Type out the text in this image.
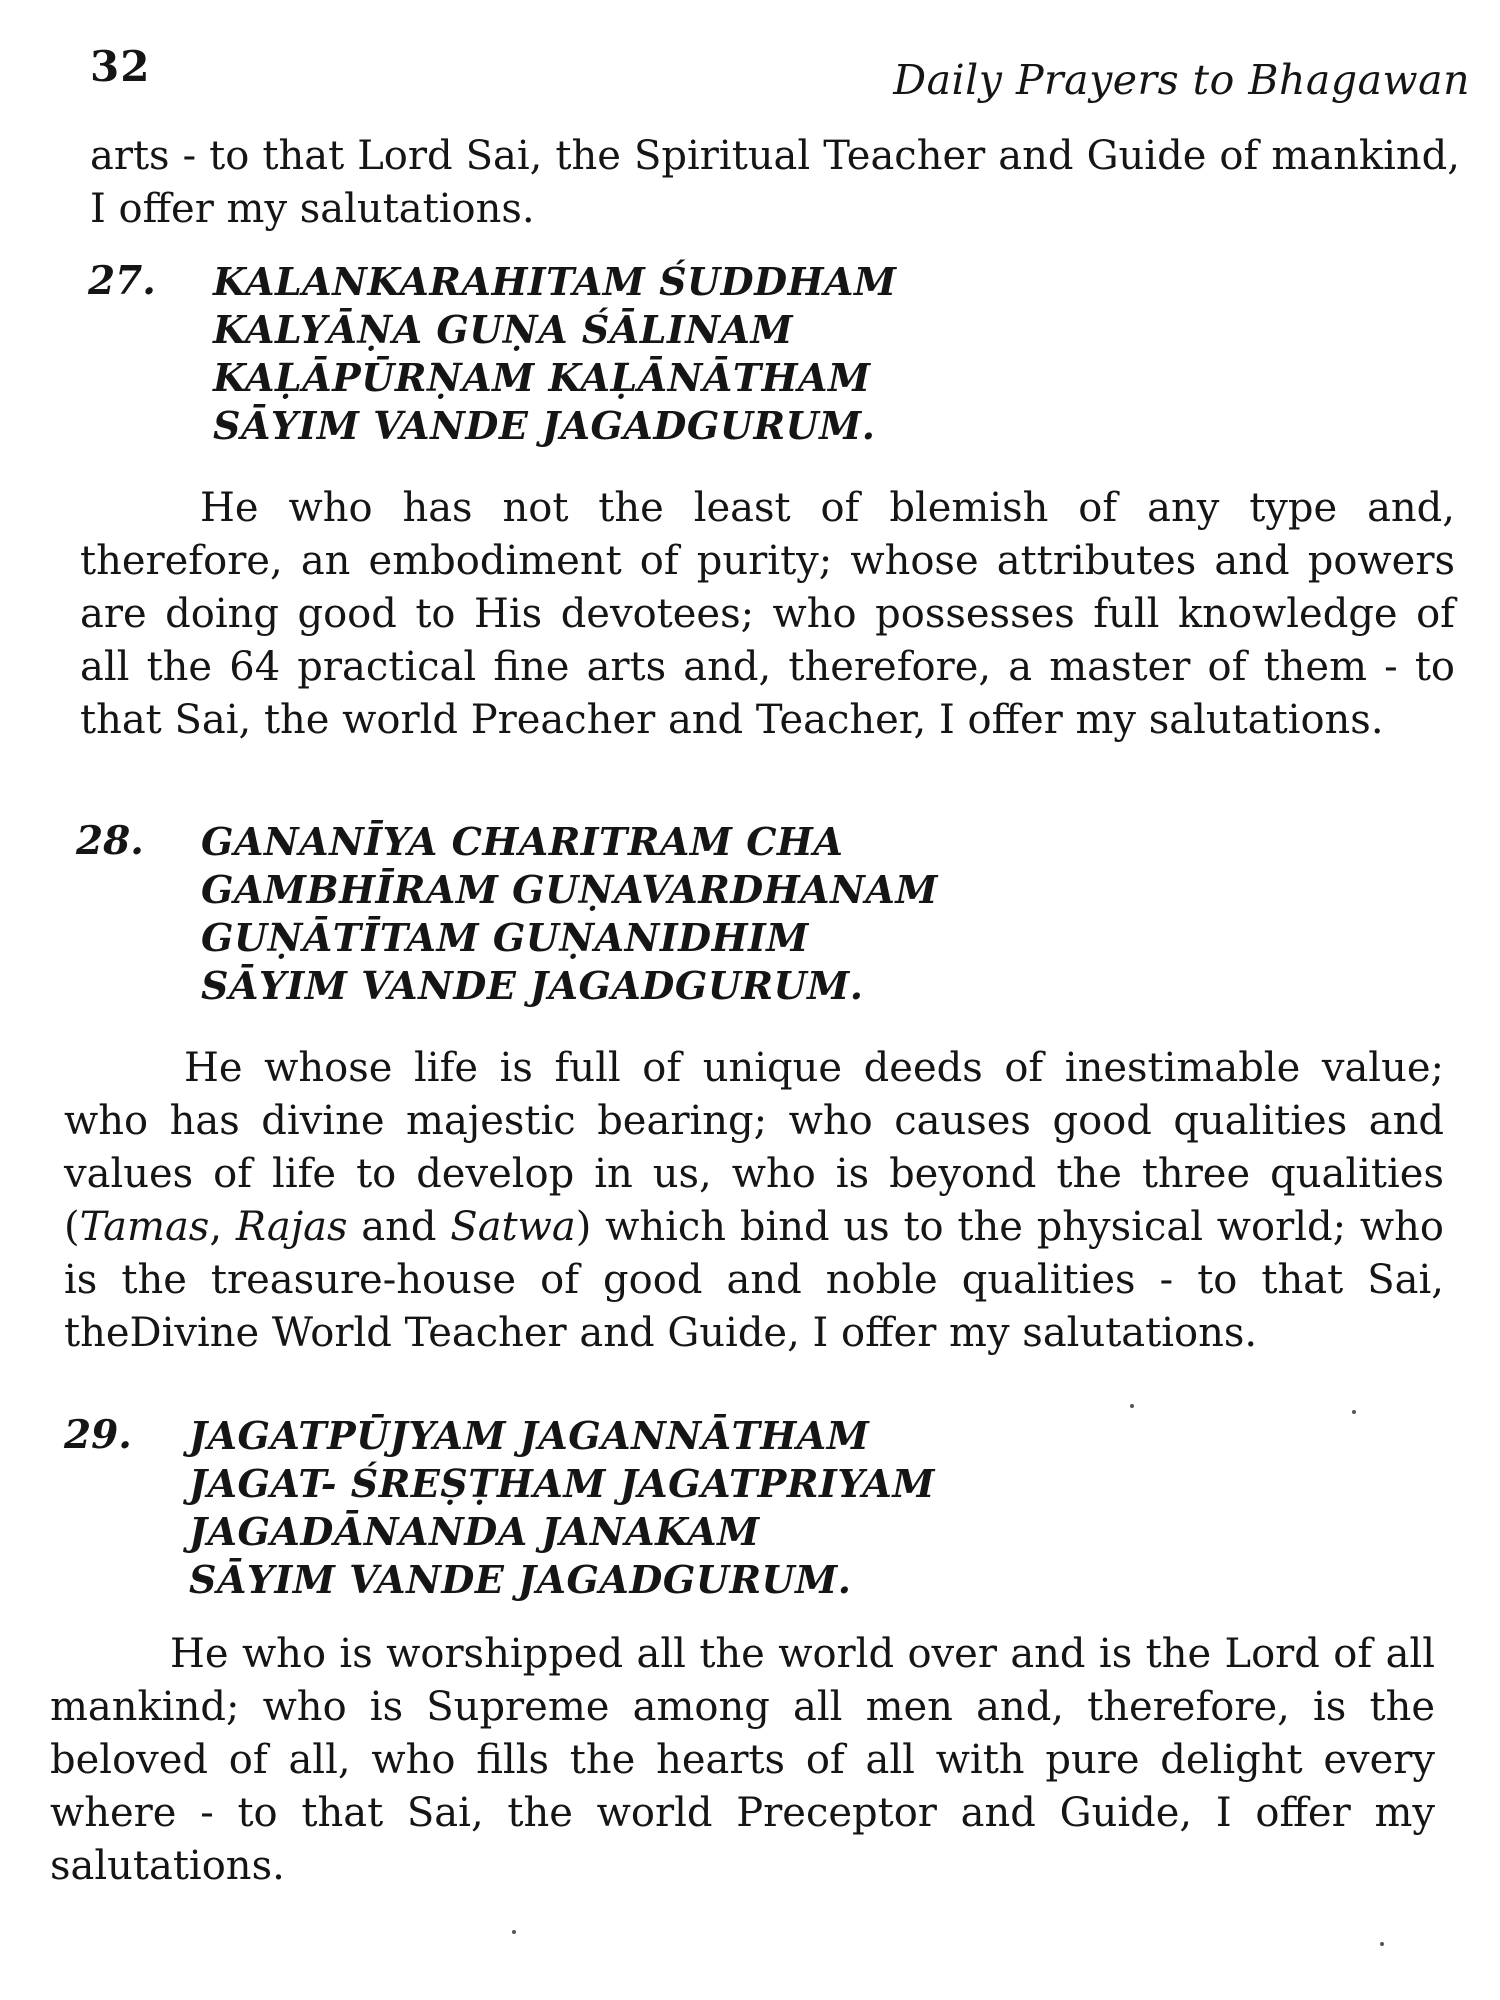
32	Daily Prayers to Bhagawan

arts - to that Lord Sai, the Spiritual Teacher and Guide of mankind, I offer my salutations.

27. KALANKARAHITAM ŚUDDHAM
KALYĀṆA GUṆA ŚĀLINAM
KAḶĀPŪRṆAM KAḶĀNĀTHAM
SĀYIM VANDE JAGADGURUM.

He who has not the least of blemish of any type and, therefore, an embodiment of purity; whose attributes and powers are doing good to His devotees; who possesses full knowledge of all the 64 practical fine arts and, therefore, a master of them - to that Sai, the world Preacher and Teacher, I offer my salutations.

28. GANANĪYA CHARITRAM CHA
GAMBHĪRAM GUṆAVARDHANAM
GUṆĀTĪTAM GUṆANIDHIM
SĀYIM VANDE JAGADGURUM.

He whose life is full of unique deeds of inestimable value; who has divine majestic bearing; who causes good qualities and values of life to develop in us, who is beyond the three qualities (Tamas, Rajas and Satwa) which bind us to the physical world; who is the treasure-house of good and noble qualities - to that Sai, theDivine World Teacher and Guide, I offer my salutations.

29. JAGATPŪJYAM JAGANNĀTHAM
JAGAT- ŚREṢṬHAM JAGATPRIYAM
JAGADĀNANDA JANAKAM
SĀYIM VANDE JAGADGURUM.

He who is worshipped all the world over and is the Lord of all mankind; who is Supreme among all men and, therefore, is the beloved of all, who fills the hearts of all with pure delight every where - to that Sai, the world Preceptor and Guide, I offer my salutations.
